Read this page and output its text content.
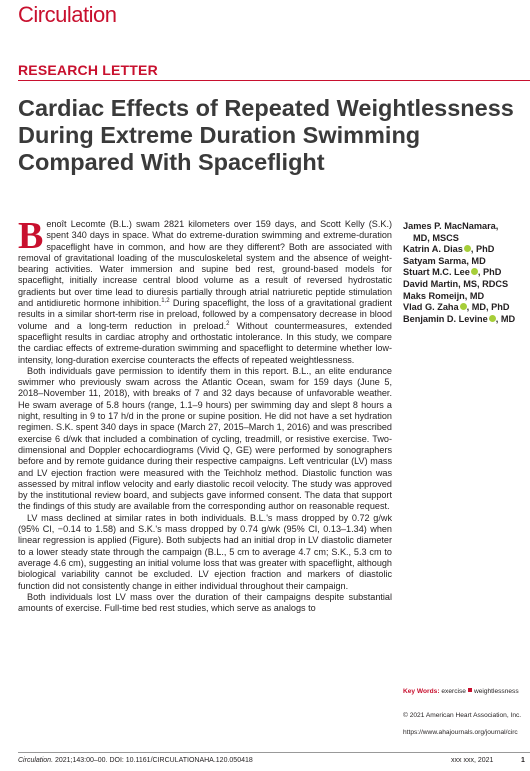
Circulation
RESEARCH LETTER
Cardiac Effects of Repeated Weightlessness During Extreme Duration Swimming Compared With Spaceflight

Benoît Lecomte (B.L.) swam 2821 kilometers over 159 days, and Scott Kelly (S.K.) spent 340 days in space. What do extreme-duration swimming and extreme-duration spaceflight have in common, and how are they different? Both are associated with removal of gravitational loading of the musculoskeletal system and the absence of weight-bearing activities. Water immersion and supine bed rest, ground-based models for spaceflight, initially increase central blood volume as a result of reversed hydrostatic gradients but over time lead to diuresis partially through atrial natriuretic peptide stimulation and antidiuretic hormone inhibition.$^{1,2}$ During spaceflight, the loss of a gravitational gradient results in a similar short-term rise in preload, followed by a compensatory decrease in blood volume and a long-term reduction in preload.$^2$ Without countermeasures, extended spaceflight results in cardiac atrophy and orthostatic intolerance. In this study, we compare the cardiac effects of extreme-duration swimming and spaceflight to determine whether low-intensity, long-duration exercise counteracts the effects of repeated weightlessness.

Both individuals gave permission to identify them in this report. B.L., an elite endurance swimmer who previously swam across the Atlantic Ocean, swam for 159 days (June 5, 2018–November 11, 2018), with breaks of 7 and 32 days because of unfavorable weather. He swam average of 5.8 hours (range, 1.1–9 hours) per swimming day and slept 8 hours a night, resulting in 9 to 17 h/d in the prone or supine position. He did not have a set hydration regimen. S.K. spent 340 days in space (March 27, 2015–March 1, 2016) and was prescribed exercise 6 d/wk that included a combination of cycling, treadmill, or resistive exercise. Two-dimensional and Doppler echocardiograms (Vivid Q, GE) were performed by sonographers before and by remote guidance during their respective campaigns. Left ventricular (LV) mass and LV ejection fraction were measured with the Teichholz method. Diastolic function was assessed by mitral inflow velocity and early diastolic recoil velocity. The study was approved by the institutional review board, and subjects gave informed consent. The data that support the findings of this study are available from the corresponding author on reasonable request.

LV mass declined at similar rates in both individuals. B.L.'s mass dropped by 0.72 g/wk (95% CI, −0.14 to 1.58) and S.K.'s mass dropped by 0.74 g/wk (95% CI, 0.13–1.34) when linear regression is applied (Figure). Both subjects had an initial drop in LV diastolic diameter to a lower steady state through the campaign (B.L., 5 cm to average 4.7 cm; S.K., 5.3 cm to average 4.6 cm), suggesting an initial volume loss that was greater with spaceflight, although biological variability cannot be excluded. LV ejection fraction and markers of diastolic function did not consistently change in either individual throughout their campaign.

Both individuals lost LV mass over the duration of their campaigns despite substantial amounts of exercise. Full-time bed rest studies, which serve as analogs to

James P. MacNamara,
MD, MSCS
Katrin A. Dias , PhD
Satyam Sarma, MD
Stuart M.C. Lee , PhD
David Martin, MS, RDCS
Maks Romeijn, MD
Vlad G. Zaha , MD, PhD
Benjamin D. Levine , MD
Key Words: exercise weightlessness
© 2021 American Heart Association, Inc.
https://www.ahajournals.org/journal/circ
Circulation. 2021;143:00–00. DOI: 10.1161/CIRCULATIONAHA.120.050418	xxx xxx, 2021	1
